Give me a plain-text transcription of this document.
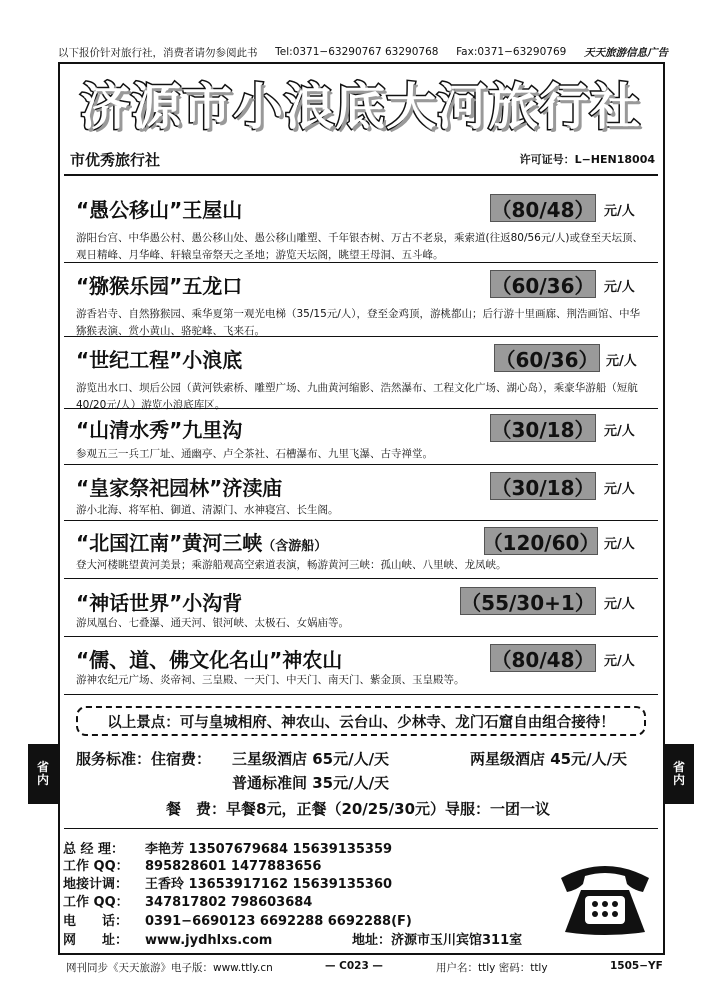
以下报价针对旅行社，消费者请勿参阅此书 Tel:0371−63290767 63290768 Fax:0371−63290769 天天旅游信息广告
济源市小浪底大河旅行社
市优秀旅行社	许可证号：L−HEN18004
“愚公移山”王屋山	（80/48） 元/人
游阳台宫、中华愚公村、愚公移山处、愚公移山雕塑、千年银杏树、万古不老泉，乘索道(往返80/56元/人)或登至天坛顶、观日精峰、月华峰、轩辕皇帝祭天之圣地；游览天坛阁，眺望王母洞、五斗峰。
“猕猴乐园”五龙口	（60/36） 元/人
游香岩寺、自然猕猴园、乘华夏第一观光电梯（35/15元/人），登至金鸡顶，游桃都山；后行游十里画廊、荆浩画馆、中华猕猴表演、赏小黄山、骆驼峰、飞来石。
“世纪工程”小浪底	（60/36） 元/人
游览出水口、坝后公园（黄河铁索桥、雕塑广场、九曲黄河缩影、浩然瀑布、工程文化广场、湖心岛），乘豪华游船（短航40/20元/人）游览小浪底库区。
“山清水秀”九里沟	（30/18） 元/人
参观五三一兵工厂址、通幽亭、卢仝茶社、石槽瀑布、九里飞瀑、古寺禅堂。
“皇家祭祀园林”济渎庙	（30/18） 元/人
游小北海、将军柏、御道、清源门、水神寝宫、长生阁。
“北国江南”黄河三峡（含游船）	（120/60） 元/人
登大河楼眺望黄河美景；乘游船观高空索道表演，畅游黄河三峡：孤山峡、八里峡、龙凤峡。
“神话世界”小沟背	（55/30+1） 元/人
游凤凰台、七叠瀑、通天河、银河峡、太极石、女娲庙等。
“儒、道、佛文化名山”神农山	（80/48） 元/人
游神农纪元广场、炎帝祠、三皇殿、一天门、中天门、南天门、紫金顶、玉皇殿等。
以上景点：可与皇城相府、神农山、云台山、少林寺、龙门石窟自由组合接待！
服务标准：住宿费： 三星级酒店 65元/人/天	两星级酒店 45元/人/天
普通标准间 35元/人/天
餐　费：早餐8元，正餐（20/25/30元）导服：一团一议
总 经 理： 李艳芳 13507679684 15639135359
工作 QQ： 895828601 1477883656
地接计调： 王香玲 13653917162 15639135360
工作 QQ： 347817802 798603684
电　　话： 0391−6690123 6692288 6692288(F)
网　　址： www.jydhlxs.com	地址：济源市玉川宾馆311室
省
内
省
内
网刊同步《天天旅游》电子版：www.ttly.cn	— C023 —	用户名：ttly 密码：ttly	1505−YF
